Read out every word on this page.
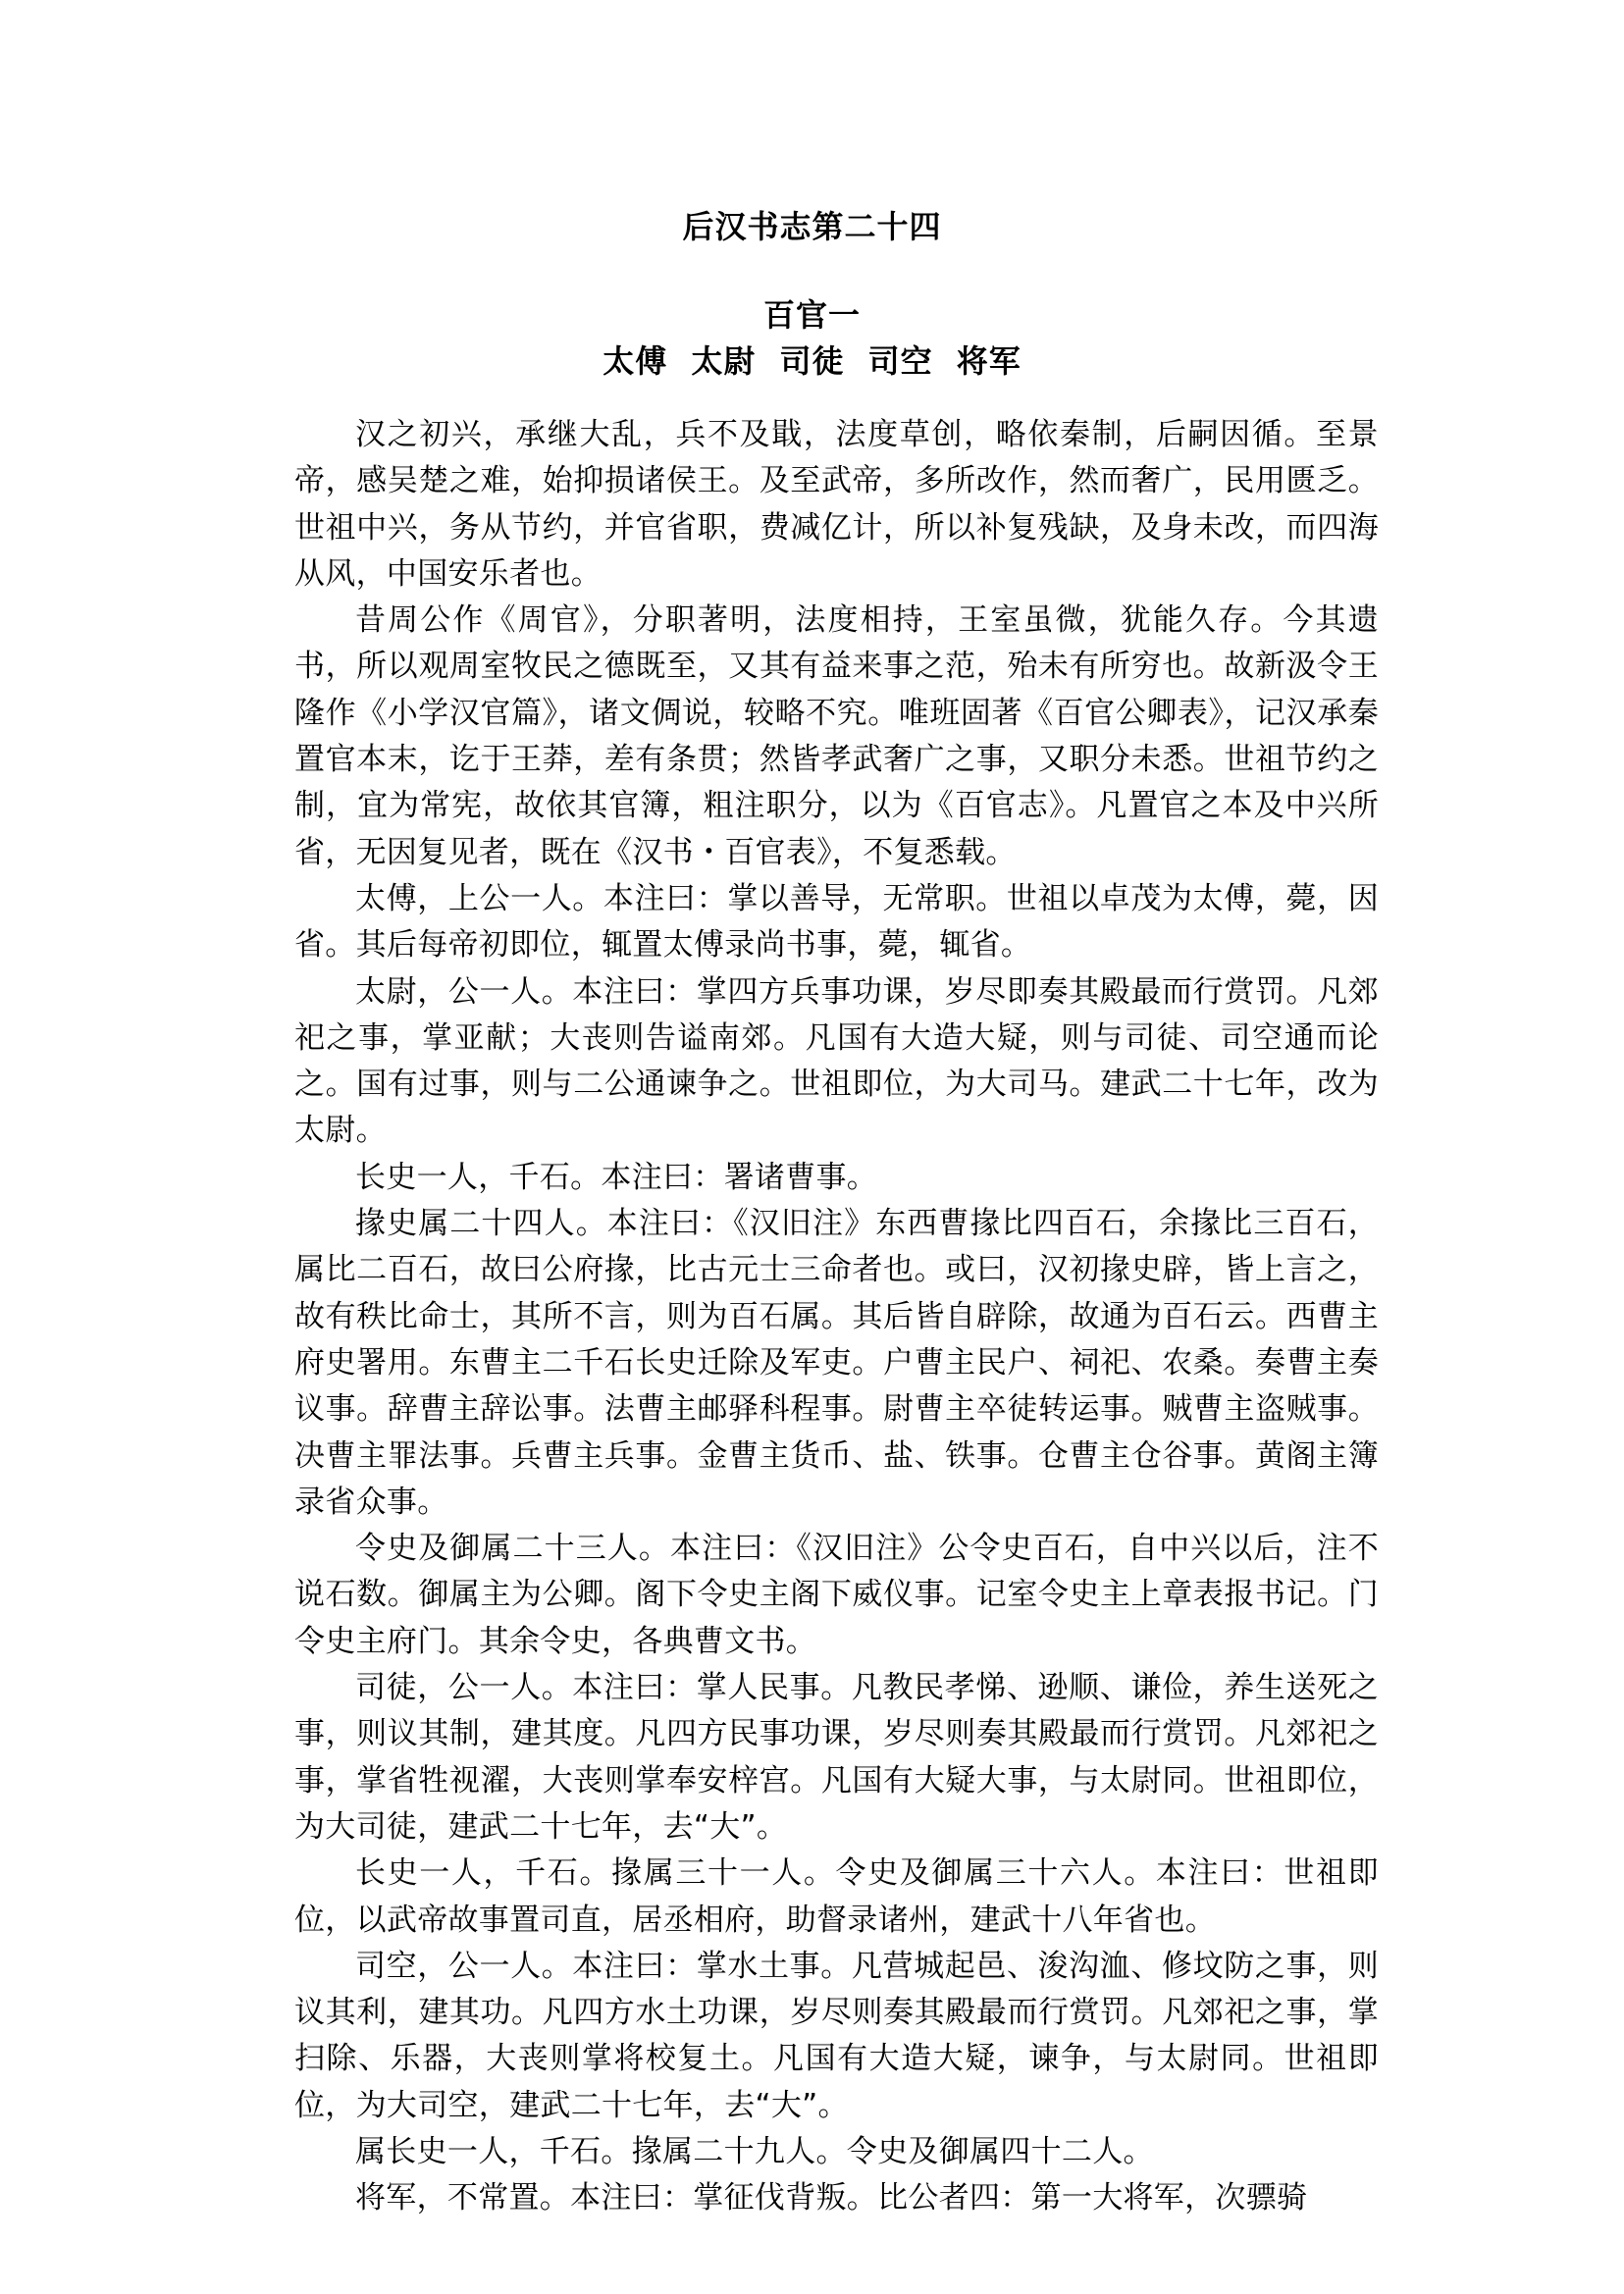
后汉书志第二十四
百官一
太傅 太尉 司徒 司空 将军

汉之初兴，承继大乱，兵不及戢，法度草创，略依秦制，后嗣因循。至景帝，感吴楚之难，始抑损诸侯王。及至武帝，多所改作，然而奢广，民用匮乏。世祖中兴，务从节约，并官省职，费减亿计，所以补复残缺，及身未改，而四海从风，中国安乐者也。

昔周公作《周官》，分职著明，法度相持，王室虽微，犹能久存。今其遗书，所以观周室牧民之德既至，又其有益来事之范，殆未有所穷也。故新汲令王隆作《小学汉官篇》，诸文倜说，较略不究。唯班固著《百官公卿表》，记汉承秦置官本末，讫于王莽，差有条贯；然皆孝武奢广之事，又职分未悉。世祖节约之制，宜为常宪，故依其官簿，粗注职分，以为《百官志》。凡置官之本及中兴所省，无因复见者，既在《汉书・百官表》，不复悉载。

太傅，上公一人。本注曰：掌以善导，无常职。世祖以卓茂为太傅，薨，因省。其后每帝初即位，辄置太傅录尚书事，薨，辄省。

太尉，公一人。本注曰：掌四方兵事功课，岁尽即奏其殿最而行赏罚。凡郊祀之事，掌亚献；大丧则告谥南郊。凡国有大造大疑，则与司徒、司空通而论之。国有过事，则与二公通谏争之。世祖即位，为大司马。建武二十七年，改为太尉。

长史一人，千石。本注曰：署诸曹事。

掾史属二十四人。本注曰：《汉旧注》东西曹掾比四百石，余掾比三百石，属比二百石，故曰公府掾，比古元士三命者也。或曰，汉初掾史辟，皆上言之，故有秩比命士，其所不言，则为百石属。其后皆自辟除，故通为百石云。西曹主府史署用。东曹主二千石长史迁除及军吏。户曹主民户、祠祀、农桑。奏曹主奏议事。辞曹主辞讼事。法曹主邮驿科程事。尉曹主卒徒转运事。贼曹主盗贼事。决曹主罪法事。兵曹主兵事。金曹主货币、盐、铁事。仓曹主仓谷事。黄阁主簿录省众事。

令史及御属二十三人。本注曰：《汉旧注》公令史百石，自中兴以后，注不说石数。御属主为公卿。阁下令史主阁下威仪事。记室令史主上章表报书记。门令史主府门。其余令史，各典曹文书。

司徒，公一人。本注曰：掌人民事。凡教民孝悌、逊顺、谦俭，养生送死之事，则议其制，建其度。凡四方民事功课，岁尽则奏其殿最而行赏罚。凡郊祀之事，掌省牲视濯，大丧则掌奉安梓宫。凡国有大疑大事，与太尉同。世祖即位，为大司徒，建武二十七年，去“大”。

长史一人，千石。掾属三十一人。令史及御属三十六人。本注曰：世祖即位，以武帝故事置司直，居丞相府，助督录诸州，建武十八年省也。

司空，公一人。本注曰：掌水土事。凡营城起邑、浚沟洫、修坟防之事，则议其利，建其功。凡四方水土功课，岁尽则奏其殿最而行赏罚。凡郊祀之事，掌扫除、乐器，大丧则掌将校复土。凡国有大造大疑，谏争，与太尉同。世祖即位，为大司空，建武二十七年，去“大”。

属长史一人，千石。掾属二十九人。令史及御属四十二人。

将军，不常置。本注曰：掌征伐背叛。比公者四：第一大将军，次骠骑
